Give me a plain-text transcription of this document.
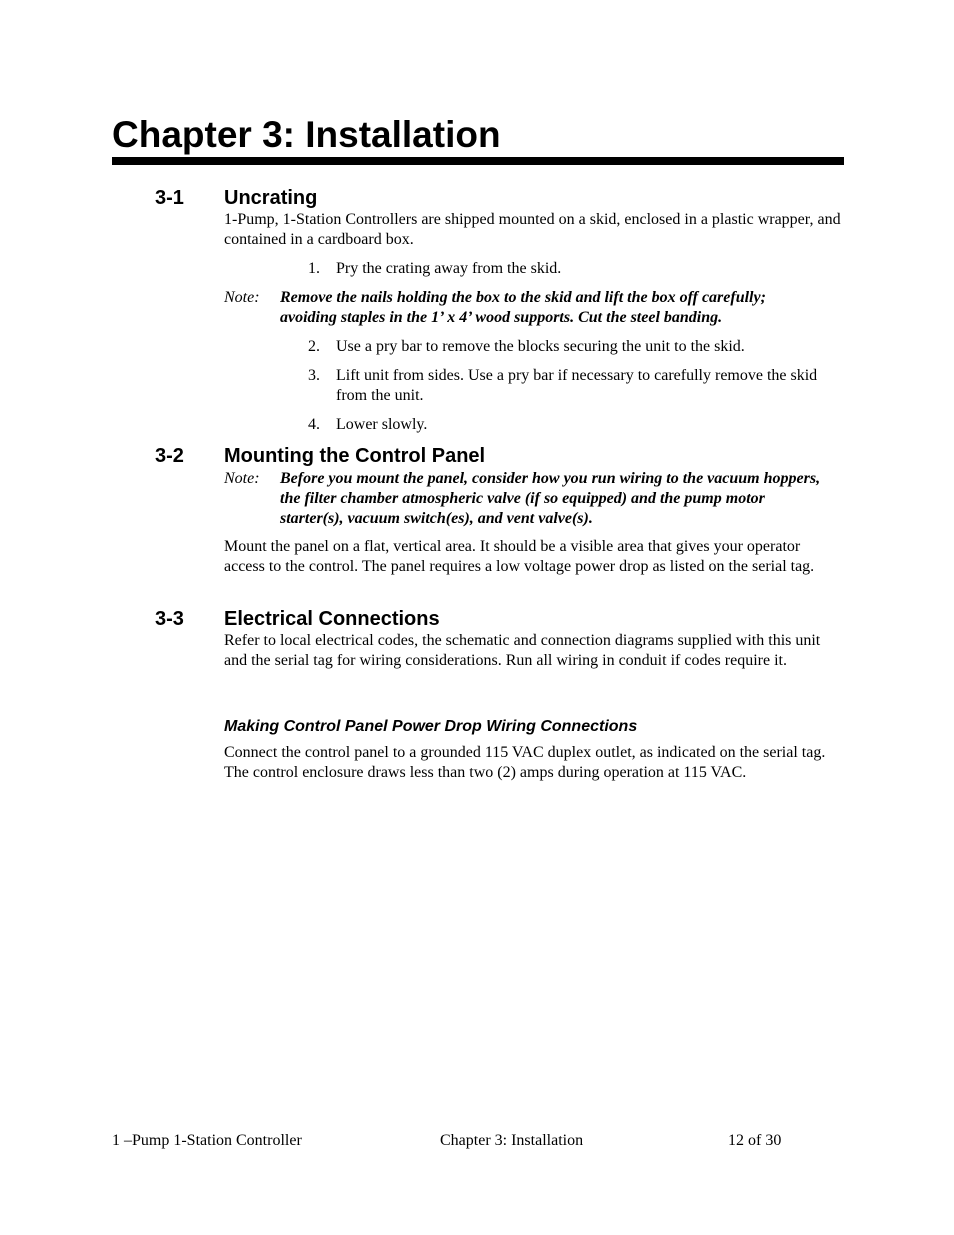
Chapter 3: Installation
3-1 Uncrating

1-Pump, 1-Station Controllers are shipped mounted on a skid, enclosed in a plastic wrapper, and contained in a cardboard box.

1. Pry the crating away from the skid.
Note: Remove the nails holding the box to the skid and lift the box off carefully; avoiding staples in the 1’ x 4’ wood supports. Cut the steel banding.
2. Use a pry bar to remove the blocks securing the unit to the skid.
3. Lift unit from sides. Use a pry bar if necessary to carefully remove the skid from the unit.
4. Lower slowly.
3-2 Mounting the Control Panel
Note: Before you mount the panel, consider how you run wiring to the vacuum hoppers, the filter chamber atmospheric valve (if so equipped) and the pump motor starter(s), vacuum switch(es), and vent valve(s).

Mount the panel on a flat, vertical area. It should be a visible area that gives your operator access to the control. The panel requires a low voltage power drop as listed on the serial tag.

3-3 Electrical Connections

Refer to local electrical codes, the schematic and connection diagrams supplied with this unit and the serial tag for wiring considerations. Run all wiring in conduit if codes require it.

Making Control Panel Power Drop Wiring Connections

Connect the control panel to a grounded 115 VAC duplex outlet, as indicated on the serial tag. The control enclosure draws less than two (2) amps during operation at 115 VAC.

1 –Pump 1-Station Controller	Chapter 3: Installation	12 of 30
